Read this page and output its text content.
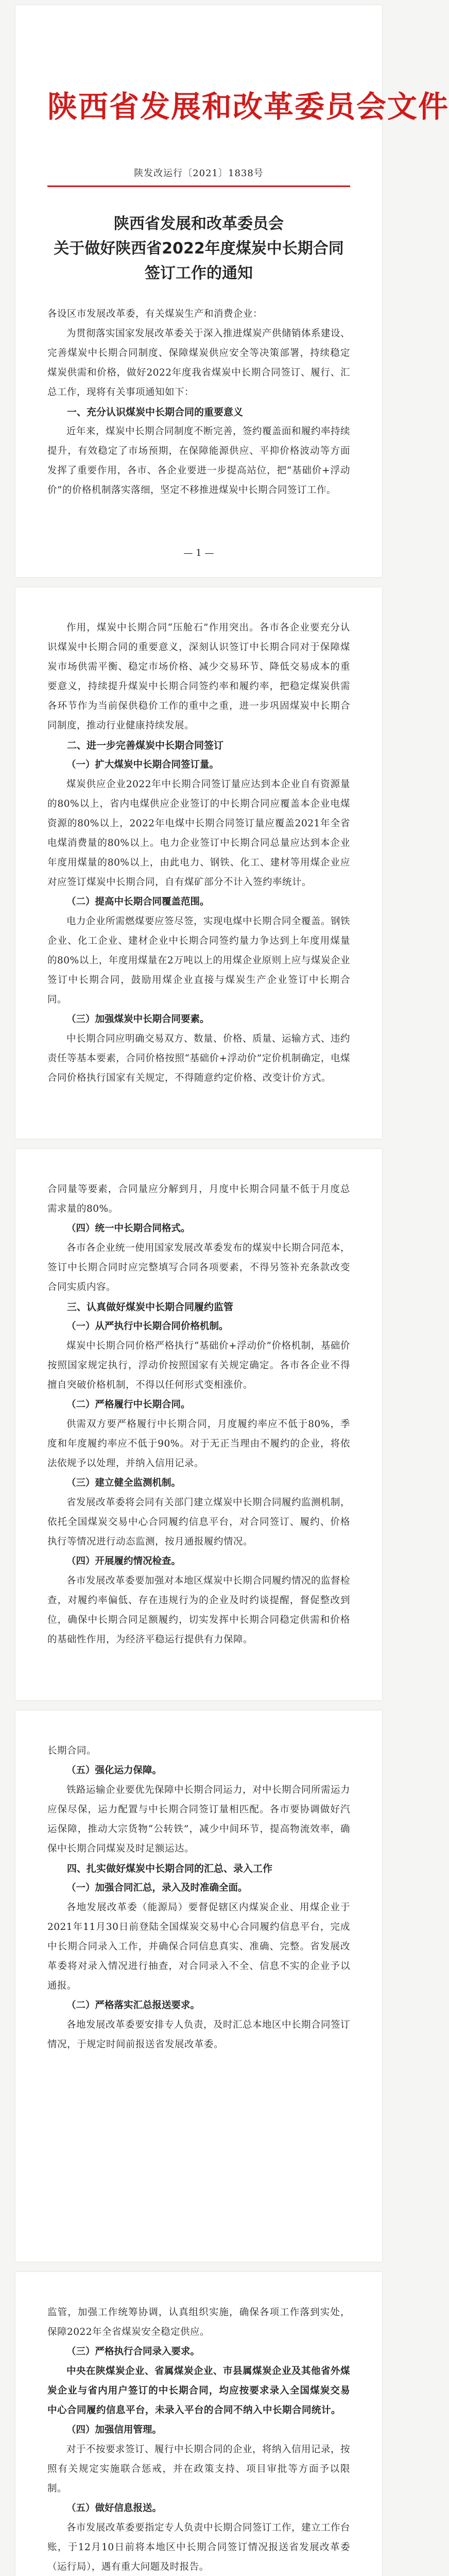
陕西省发展和改革委员会文件
陕发改运行〔2021〕1838号
陕西省发展和改革委员会
关于做好陕西省2022年度煤炭中长期合同
签订工作的通知

各设区市发展改革委，有关煤炭生产和消费企业：

为贯彻落实国家发展改革委关于深入推进煤炭产供储销体系建设、完善煤炭中长期合同制度、保障煤炭供应安全等决策部署，持续稳定煤炭供需和价格，做好2022年度我省煤炭中长期合同签订、履行、汇总工作，现将有关事项通知如下：

一、充分认识煤炭中长期合同的重要意义

近年来，煤炭中长期合同制度不断完善，签约覆盖面和履约率持续提升，有效稳定了市场预期，在保障能源供应、平抑价格波动等方面发挥了重要作用，各市、各企业要进一步提高站位，把“基础价+浮动价”的价格机制落实落细，坚定不移推进煤炭中长期合同签订工作。

— 1 —

作用，煤炭中长期合同“压舱石”作用突出。各市各企业要充分认识煤炭中长期合同的重要意义，深刻认识签订中长期合同对于保障煤炭市场供需平衡、稳定市场价格、减少交易环节、降低交易成本的重要意义，持续提升煤炭中长期合同签约率和履约率，把稳定煤炭供需各环节作为当前保供稳价工作的重中之重，进一步巩固煤炭中长期合同制度，推动行业健康持续发展。

二、进一步完善煤炭中长期合同签订
（一）扩大煤炭中长期合同签订量。

煤炭供应企业2022年中长期合同签订量应达到本企业自有资源量的80%以上，省内电煤供应企业签订的中长期合同应覆盖本企业电煤资源的80%以上，2022年电煤中长期合同签订量应覆盖2021年全省电煤消费量的80%以上。电力企业签订中长期合同总量应达到本企业年度用煤量的80%以上，由此电力、钢铁、化工、建材等用煤企业应对应签订煤炭中长期合同，自有煤矿部分不计入签约率统计。

（二）提高中长期合同覆盖范围。

电力企业所需燃煤要应签尽签，实现电煤中长期合同全覆盖。钢铁企业、化工企业、建材企业中长期合同签约量力争达到上年度用煤量的80%以上，年度用煤量在2万吨以上的用煤企业原则上应与煤炭企业签订中长期合同，鼓励用煤企业直接与煤炭生产企业签订中长期合同。

（三）加强煤炭中长期合同要素。

中长期合同应明确交易双方、数量、价格、质量、运输方式、违约责任等基本要素，合同价格按照“基础价+浮动价”定价机制确定，电煤合同价格执行国家有关规定，不得随意约定价格、改变计价方式。

合同量等要素，合同量应分解到月，月度中长期合同量不低于月度总需求量的80%。

（四）统一中长期合同格式。

各市各企业统一使用国家发展改革委发布的煤炭中长期合同范本，签订中长期合同时应完整填写合同各项要素，不得另签补充条款改变合同实质内容。

三、认真做好煤炭中长期合同履约监管
（一）从严执行中长期合同价格机制。

煤炭中长期合同价格严格执行“基础价+浮动价”价格机制，基础价按照国家规定执行，浮动价按照国家有关规定确定。各市各企业不得擅自突破价格机制，不得以任何形式变相涨价。

（二）严格履行中长期合同。

供需双方要严格履行中长期合同，月度履约率应不低于80%，季度和年度履约率应不低于90%。对于无正当理由不履约的企业，将依法依规予以处理，并纳入信用记录。

（三）建立健全监测机制。

省发展改革委将会同有关部门建立煤炭中长期合同履约监测机制，依托全国煤炭交易中心合同履约信息平台，对合同签订、履约、价格执行等情况进行动态监测，按月通报履约情况。

（四）开展履约情况检查。

各市发展改革委要加强对本地区煤炭中长期合同履约情况的监督检查，对履约率偏低、存在违规行为的企业及时约谈提醒，督促整改到位，确保中长期合同足额履约，切实发挥中长期合同稳定供需和价格的基础性作用，为经济平稳运行提供有力保障。

长期合同。

（五）强化运力保障。

铁路运输企业要优先保障中长期合同运力，对中长期合同所需运力应保尽保，运力配置与中长期合同签订量相匹配。各市要协调做好汽运保障，推动大宗货物“公转铁”，减少中间环节，提高物流效率，确保中长期合同煤炭及时足额运达。

四、扎实做好煤炭中长期合同的汇总、录入工作
（一）加强合同汇总，录入及时准确全面。

各地发展改革委（能源局）要督促辖区内煤炭企业、用煤企业于2021年11月30日前登陆全国煤炭交易中心合同履约信息平台，完成中长期合同录入工作，并确保合同信息真实、准确、完整。省发展改革委将对录入情况进行抽查，对合同录入不全、信息不实的企业予以通报。

（二）严格落实汇总报送要求。

各地发展改革委要安排专人负责，及时汇总本地区中长期合同签订情况，于规定时间前报送省发展改革委。

监管，加强工作统筹协调，认真组织实施，确保各项工作落到实处，保障2022年全省煤炭安全稳定供应。

（三）严格执行合同录入要求。

中央在陕煤炭企业、省属煤炭企业、市县属煤炭企业及其他省外煤炭企业与省内用户签订的中长期合同，均应按要求录入全国煤炭交易中心合同履约信息平台，未录入平台的合同不纳入中长期合同统计。

（四）加强信用管理。

对于不按要求签订、履行中长期合同的企业，将纳入信用记录，按照有关规定实施联合惩戒，并在政策支持、项目审批等方面予以限制。

（五）做好信息报送。

各市发展改革委要指定专人负责中长期合同签订工作，建立工作台账，于12月10日前将本地区中长期合同签订情况报送省发展改革委（运行局），遇有重大问题及时报告。
